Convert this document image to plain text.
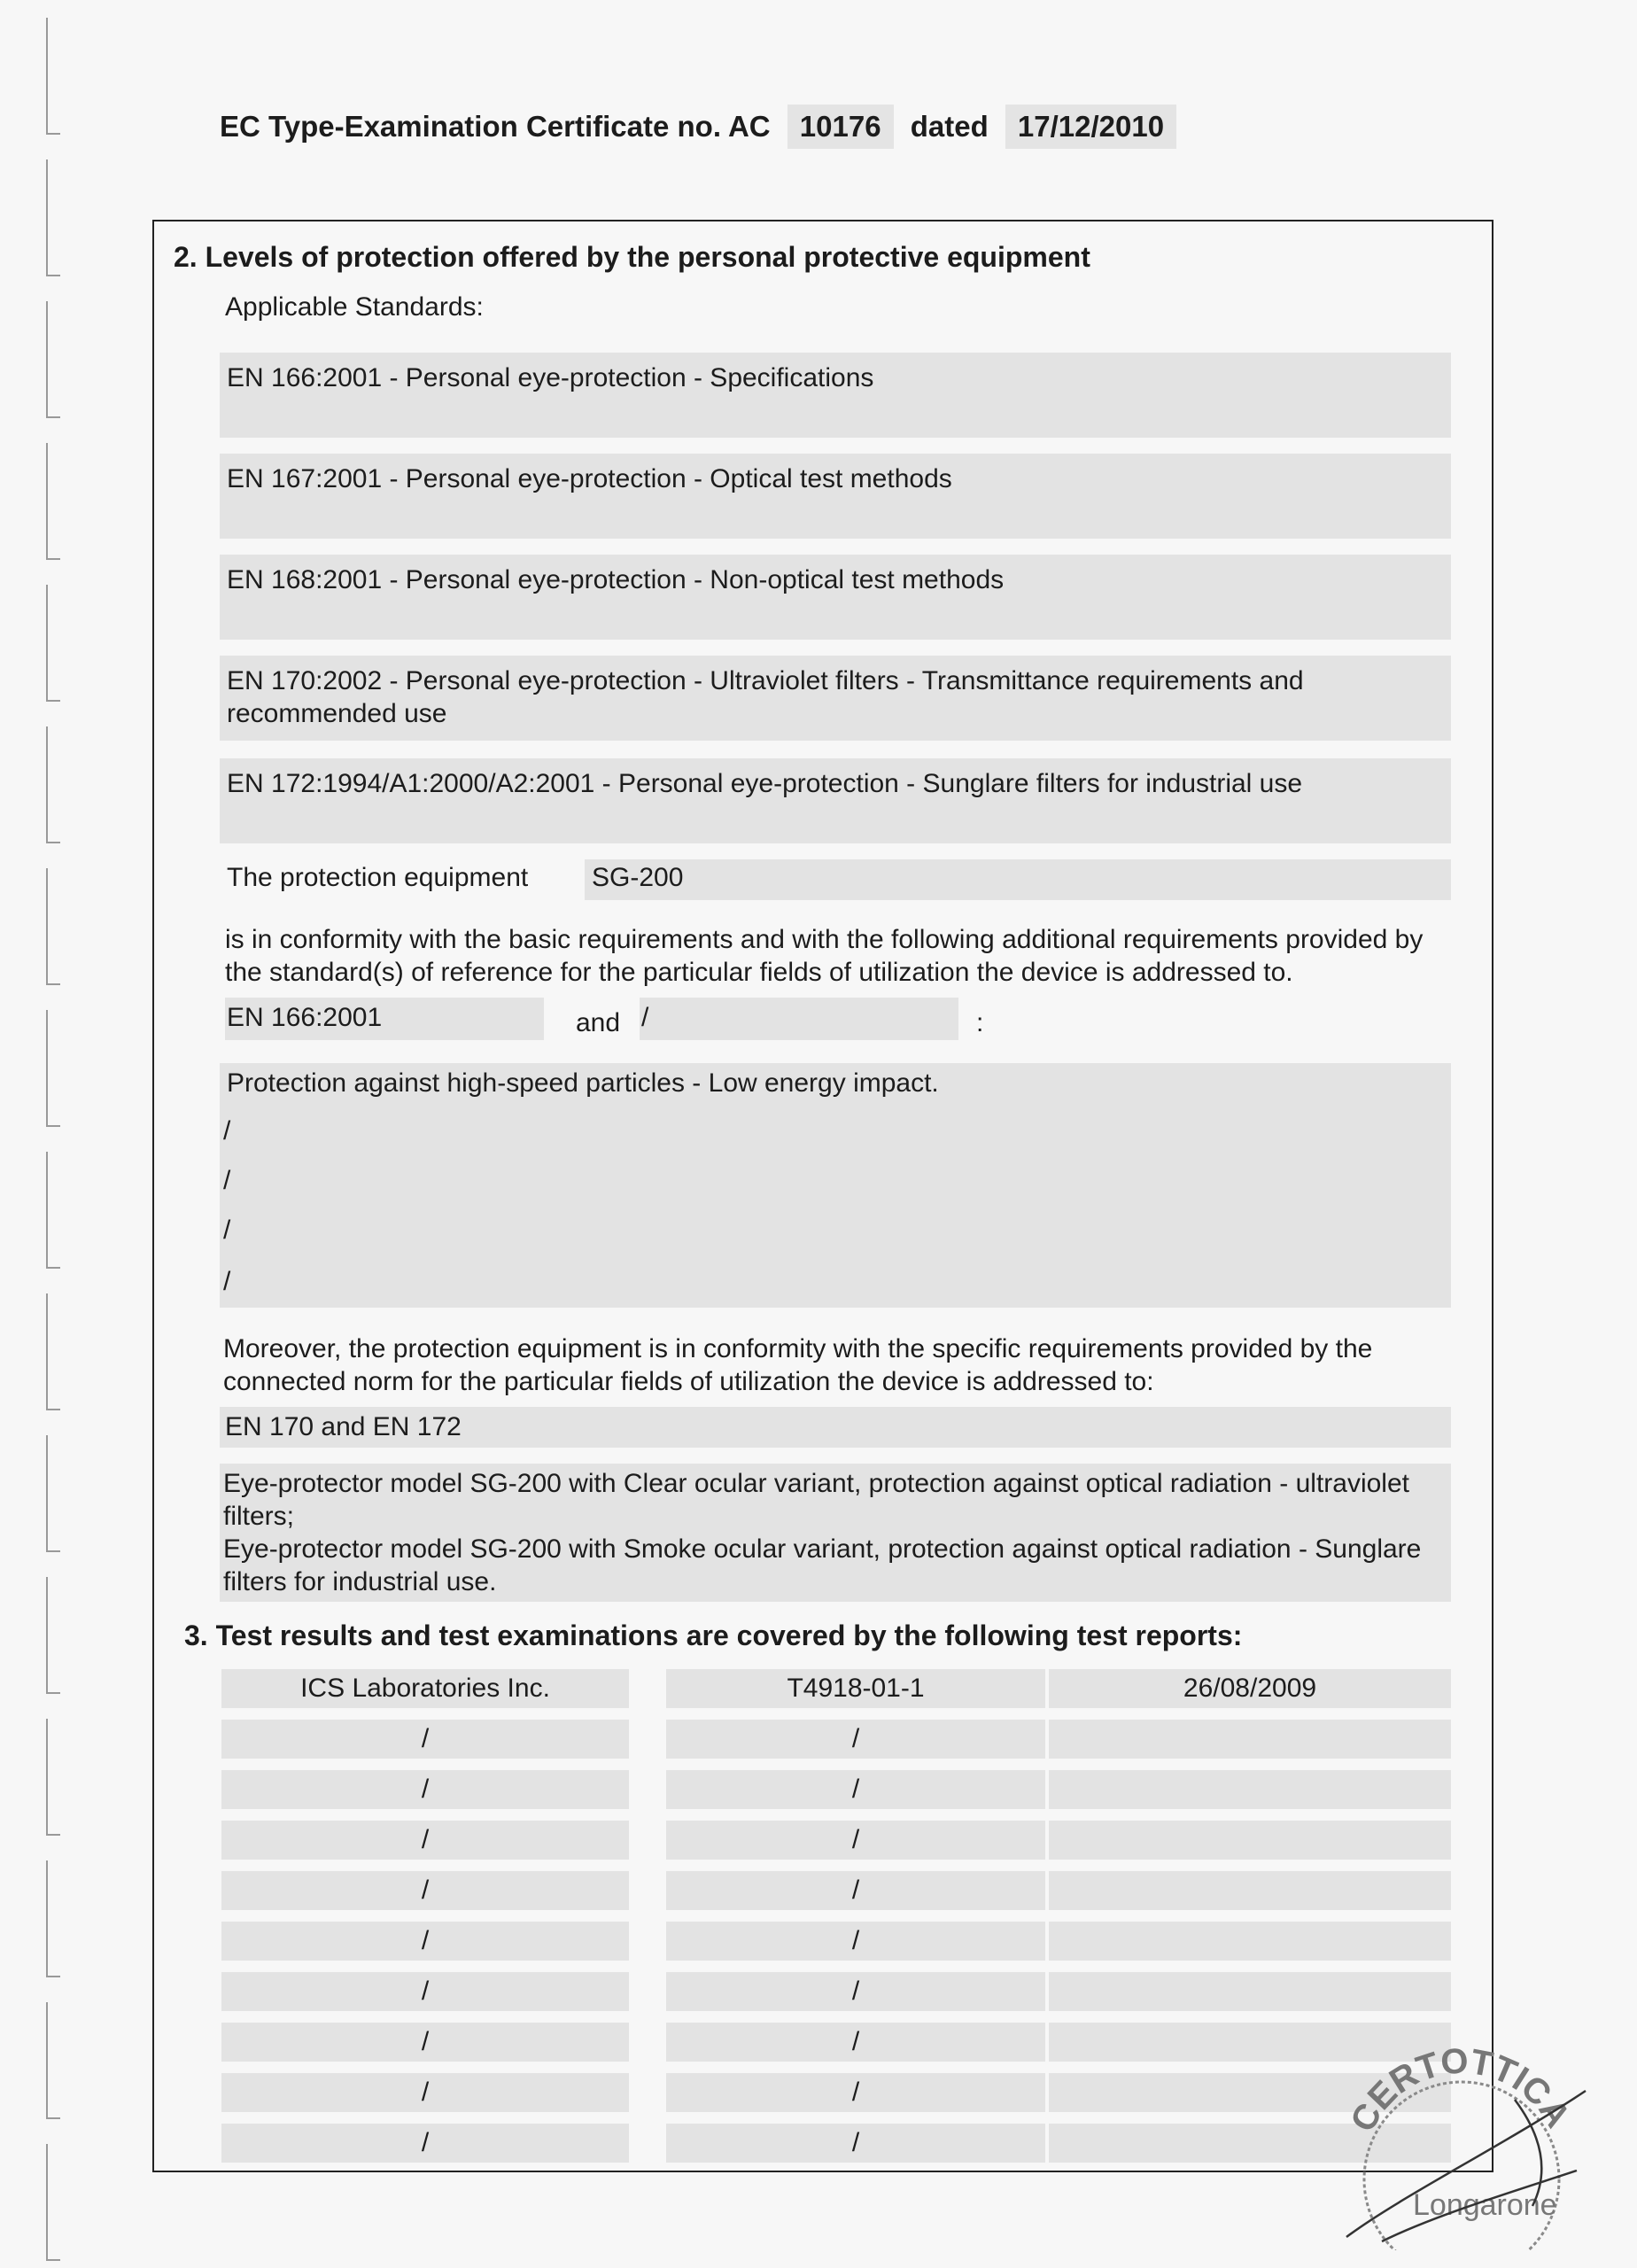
EC Type-Examination Certificate no. AC 10176 dated 17/12/2010
2. Levels of protection offered by the personal protective equipment
Applicable Standards:
EN 166:2001 - Personal eye-protection - Specifications
EN 167:2001 - Personal eye-protection - Optical test methods
EN 168:2001 - Personal eye-protection - Non-optical test methods
EN 170:2002 - Personal eye-protection - Ultraviolet filters - Transmittance requirements and recommended use
EN 172:1994/A1:2000/A2:2001 - Personal eye-protection - Sunglare filters for industrial use
The protection equipment SG-200
is in conformity with the basic requirements and with the following additional requirements provided by the standard(s) of reference for the particular fields of utilization the device is addressed to.
EN 166:2001	and /	:
Protection against high-speed particles - Low energy impact.
/
/
/
/
Moreover, the protection equipment is in conformity with the specific requirements provided by the connected norm for the particular fields of utilization the device is addressed to:
EN 170 and EN 172
Eye-protector model SG-200 with Clear ocular variant, protection against optical radiation - ultraviolet filters;
Eye-protector model SG-200 with Smoke ocular variant, protection against optical radiation - Sunglare filters for industrial use.
3. Test results and test examinations are covered by the following test reports:
ICS Laboratories Inc.	T4918-01-1	26/08/2009
/	/
/	/
/	/
/	/
/	/
/	/
/	/
/	/
/	/
CERTOTTICA
Longarone
